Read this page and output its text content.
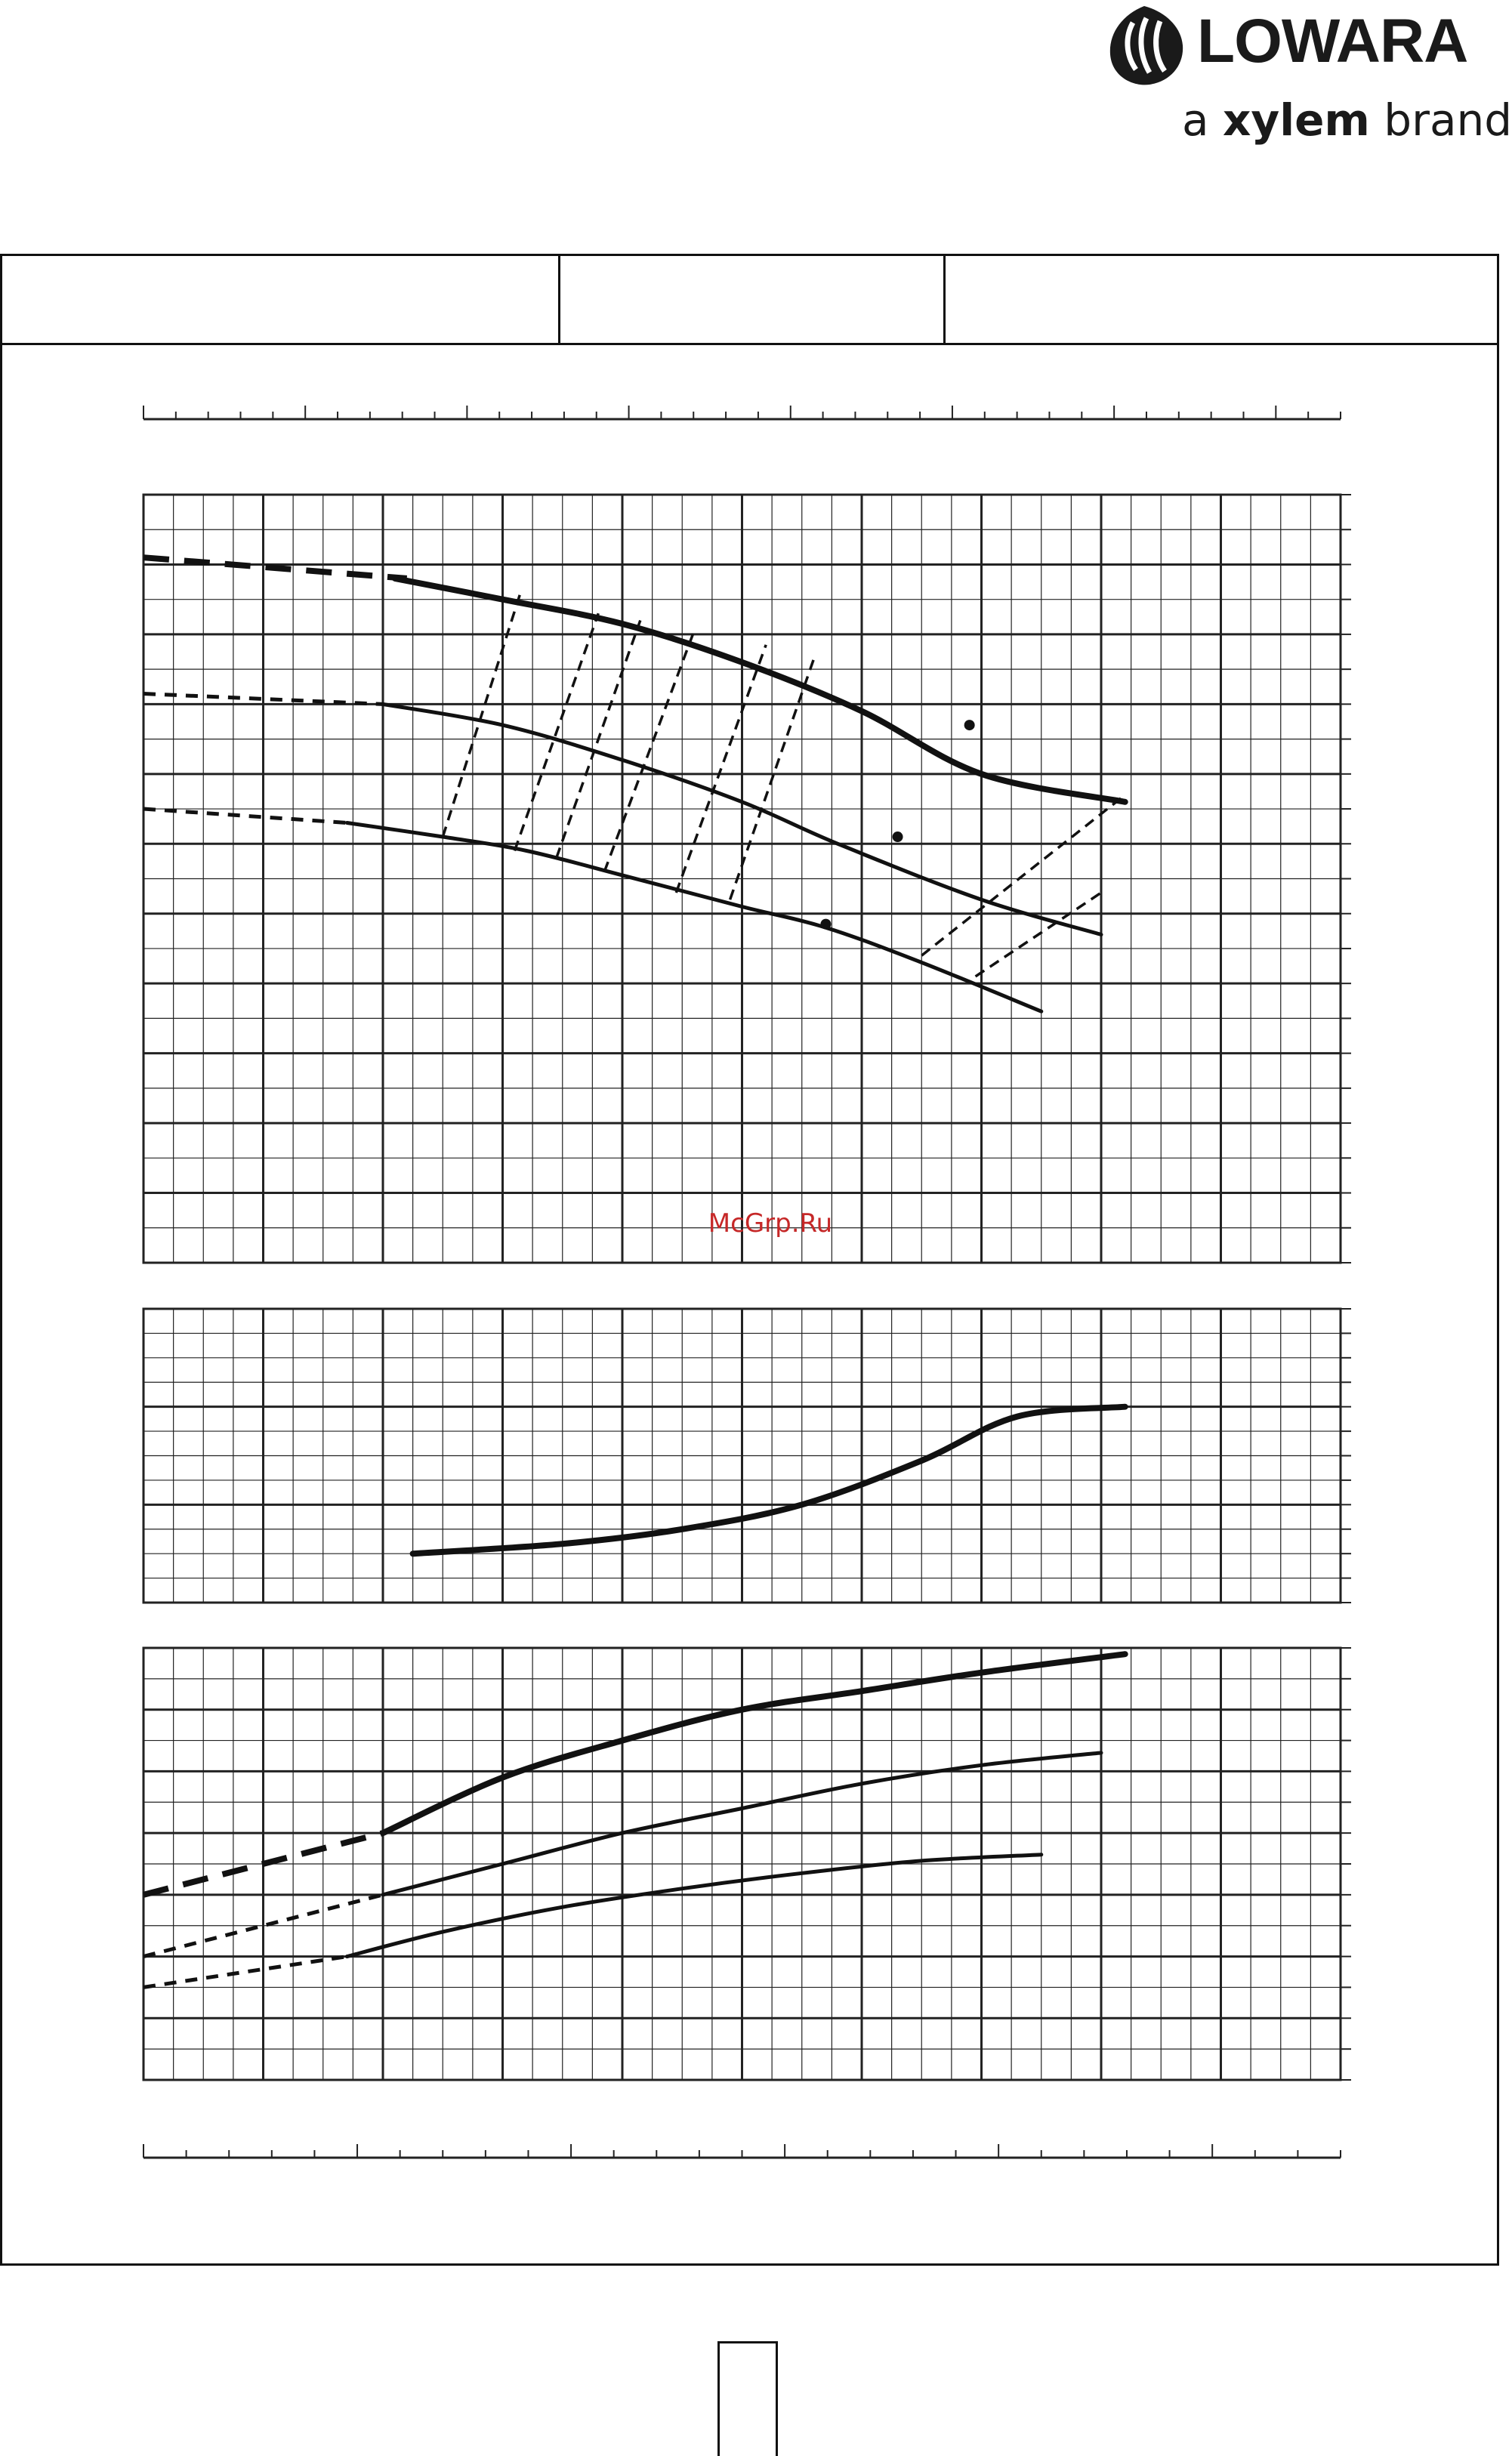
LOWARA
a xylem brand
McGrp.Ru
